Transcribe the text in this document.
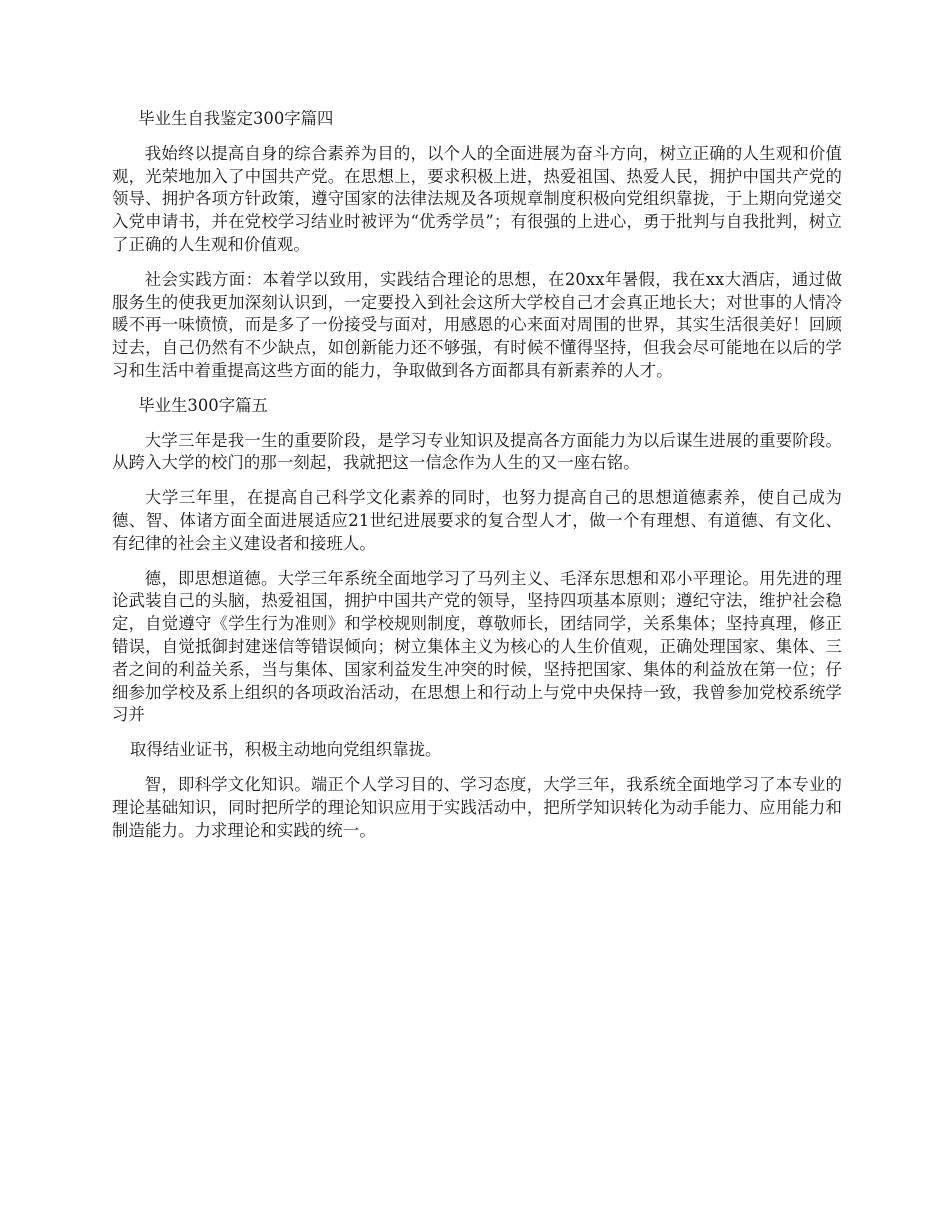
毕业生自我鉴定300字篇四

我始终以提高自身的综合素养为目的，以个人的全面进展为奋斗方向，树立正确的人生观和价值观，光荣地加入了中国共产党。在思想上，要求积极上进，热爱祖国、热爱人民，拥护中国共产党的领导、拥护各项方针政策，遵守国家的法律法规及各项规章制度积极向党组织靠拢，于上期向党递交入党申请书，并在党校学习结业时被评为“优秀学员”；有很强的上进心，勇于批判与自我批判，树立了正确的人生观和价值观。

社会实践方面：本着学以致用，实践结合理论的思想，在20xx年暑假，我在xx大酒店，通过做服务生的使我更加深刻认识到，一定要投入到社会这所大学校自己才会真正地长大；对世事的人情冷暖不再一味愤愤，而是多了一份接受与面对，用感恩的心来面对周围的世界，其实生活很美好！回顾过去，自己仍然有不少缺点，如创新能力还不够强，有时候不懂得坚持，但我会尽可能地在以后的学习和生活中着重提高这些方面的能力，争取做到各方面都具有新素养的人才。

毕业生300字篇五

大学三年是我一生的重要阶段，是学习专业知识及提高各方面能力为以后谋生进展的重要阶段。从跨入大学的校门的那一刻起，我就把这一信念作为人生的又一座右铭。

大学三年里，在提高自己科学文化素养的同时，也努力提高自己的思想道德素养，使自己成为德、智、体诸方面全面进展适应21世纪进展要求的复合型人才，做一个有理想、有道德、有文化、有纪律的社会主义建设者和接班人。

德，即思想道德。大学三年系统全面地学习了马列主义、毛泽东思想和邓小平理论。用先进的理论武装自己的头脑，热爱祖国，拥护中国共产党的领导，坚持四项基本原则；遵纪守法，维护社会稳定，自觉遵守《学生行为准则》和学校规则制度，尊敬师长，团结同学，关系集体；坚持真理，修正错误，自觉抵御封建迷信等错误倾向；树立集体主义为核心的人生价值观，正确处理国家、集体、三者之间的利益关系，当与集体、国家利益发生冲突的时候，坚持把国家、集体的利益放在第一位；仔细参加学校及系上组织的各项政治活动，在思想上和行动上与党中央保持一致，我曾参加党校系统学习并

取得结业证书，积极主动地向党组织靠拢。

智，即科学文化知识。端正个人学习目的、学习态度，大学三年，我系统全面地学习了本专业的理论基础知识，同时把所学的理论知识应用于实践活动中，把所学知识转化为动手能力、应用能力和制造能力。力求理论和实践的统一。
